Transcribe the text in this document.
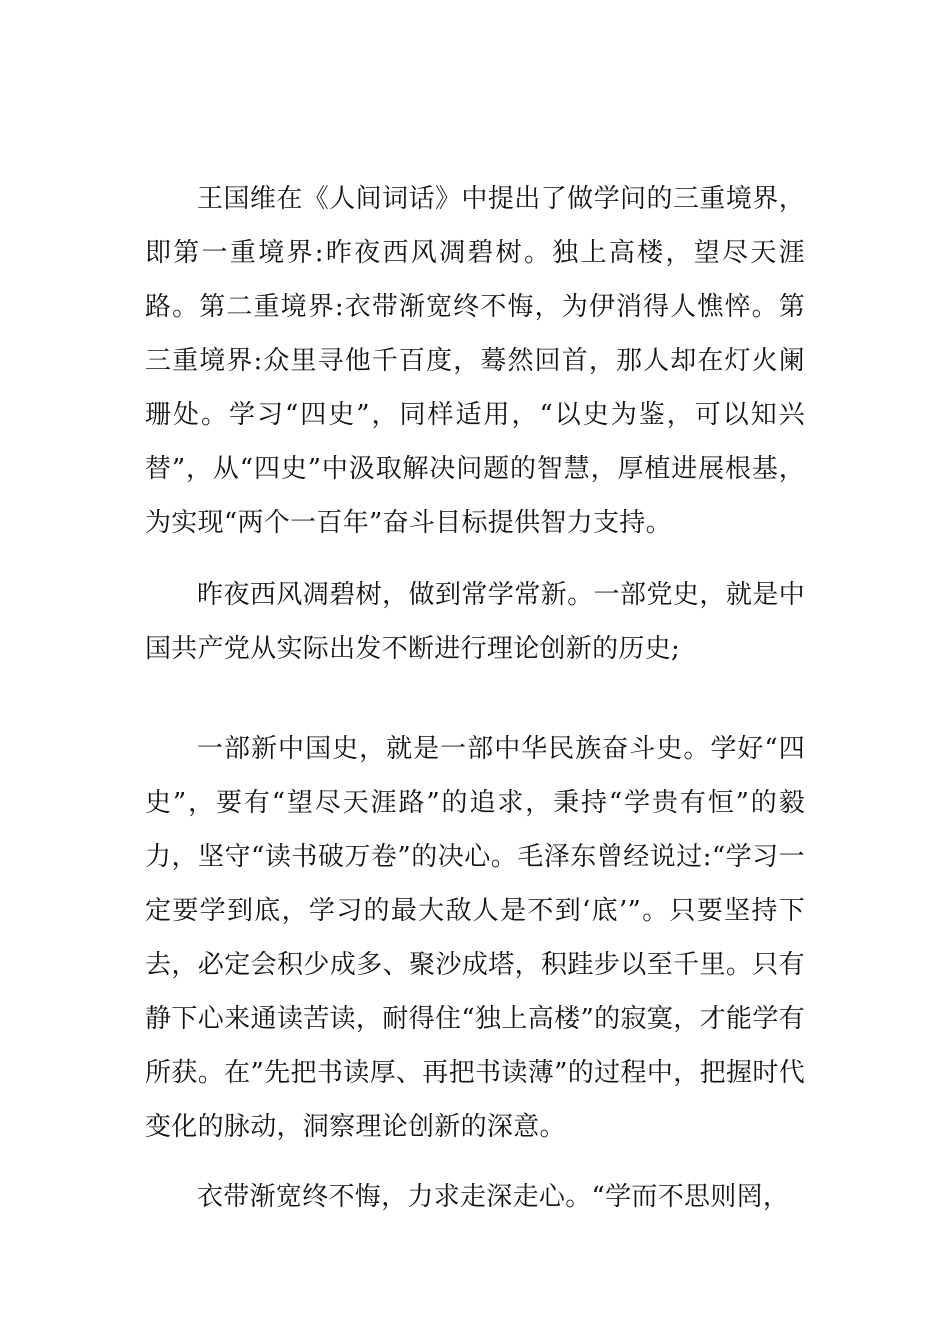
王国维在《人间词话》中提出了做学问的三重境界，即第一重境界:昨夜西风凋碧树。独上高楼，望尽天涯路。第二重境界:衣带渐宽终不悔，为伊消得人憔悴。第三重境界:众里寻他千百度，蓦然回首，那人却在灯火阑珊处。学习“四史”，同样适用，“以史为鉴，可以知兴替”，从“四史”中汲取解决问题的智慧，厚植进展根基，为实现“两个一百年”奋斗目标提供智力支持。

昨夜西风凋碧树，做到常学常新。一部党史，就是中国共产党从实际出发不断进行理论创新的历史;

一部新中国史，就是一部中华民族奋斗史。学好“四史”，要有“望尽天涯路”的追求，秉持“学贵有恒”的毅力，坚守“读书破万卷”的决心。毛泽东曾经说过:“学习一定要学到底，学习的最大敌人是不到‘底’”。只要坚持下去，必定会积少成多、聚沙成塔，积跬步以至千里。只有静下心来通读苦读，耐得住“独上高楼”的寂寞，才能学有所获。在”先把书读厚、再把书读薄”的过程中，把握时代变化的脉动，洞察理论创新的深意。

衣带渐宽终不悔，力求走深走心。“学而不思则罔，
